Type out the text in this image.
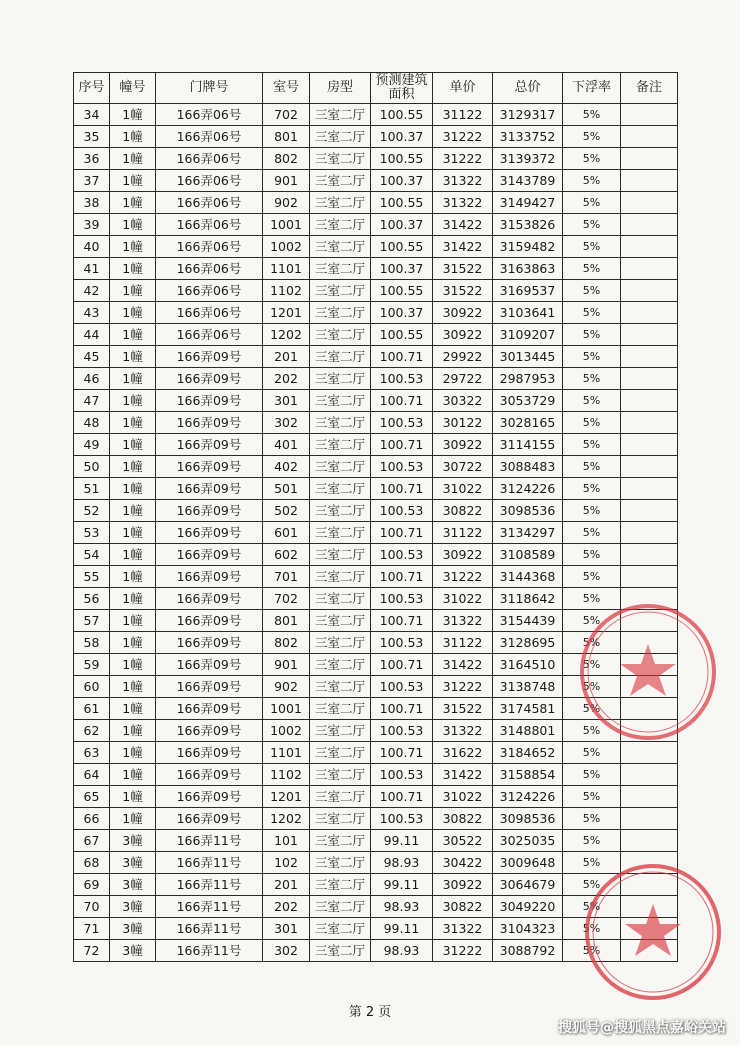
序号	幢号	门牌号	室号	房型	预测建筑面积	单价	总价	下浮率	备注
34	1幢	166弄06号	702	三室二厅	100.55	31122	3129317	5%	
35	1幢	166弄06号	801	三室二厅	100.37	31222	3133752	5%	
36	1幢	166弄06号	802	三室二厅	100.55	31222	3139372	5%	
37	1幢	166弄06号	901	三室二厅	100.37	31322	3143789	5%	
38	1幢	166弄06号	902	三室二厅	100.55	31322	3149427	5%	
39	1幢	166弄06号	1001	三室二厅	100.37	31422	3153826	5%	
40	1幢	166弄06号	1002	三室二厅	100.55	31422	3159482	5%	
41	1幢	166弄06号	1101	三室二厅	100.37	31522	3163863	5%	
42	1幢	166弄06号	1102	三室二厅	100.55	31522	3169537	5%	
43	1幢	166弄06号	1201	三室二厅	100.37	30922	3103641	5%	
44	1幢	166弄06号	1202	三室二厅	100.55	30922	3109207	5%	
45	1幢	166弄09号	201	三室二厅	100.71	29922	3013445	5%	
46	1幢	166弄09号	202	三室二厅	100.53	29722	2987953	5%	
47	1幢	166弄09号	301	三室二厅	100.71	30322	3053729	5%	
48	1幢	166弄09号	302	三室二厅	100.53	30122	3028165	5%	
49	1幢	166弄09号	401	三室二厅	100.71	30922	3114155	5%	
50	1幢	166弄09号	402	三室二厅	100.53	30722	3088483	5%	
51	1幢	166弄09号	501	三室二厅	100.71	31022	3124226	5%	
52	1幢	166弄09号	502	三室二厅	100.53	30822	3098536	5%	
53	1幢	166弄09号	601	三室二厅	100.71	31122	3134297	5%	
54	1幢	166弄09号	602	三室二厅	100.53	30922	3108589	5%	
55	1幢	166弄09号	701	三室二厅	100.71	31222	3144368	5%	
56	1幢	166弄09号	702	三室二厅	100.53	31022	3118642	5%	
57	1幢	166弄09号	801	三室二厅	100.71	31322	3154439	5%	
58	1幢	166弄09号	802	三室二厅	100.53	31122	3128695	5%	
59	1幢	166弄09号	901	三室二厅	100.71	31422	3164510	5%	
60	1幢	166弄09号	902	三室二厅	100.53	31222	3138748	5%	
61	1幢	166弄09号	1001	三室二厅	100.71	31522	3174581	5%	
62	1幢	166弄09号	1002	三室二厅	100.53	31322	3148801	5%	
63	1幢	166弄09号	1101	三室二厅	100.71	31622	3184652	5%	
64	1幢	166弄09号	1102	三室二厅	100.53	31422	3158854	5%	
65	1幢	166弄09号	1201	三室二厅	100.71	31022	3124226	5%	
66	1幢	166弄09号	1202	三室二厅	100.53	30822	3098536	5%	
67	3幢	166弄11号	101	三室二厅	99.11	30522	3025035	5%	
68	3幢	166弄11号	102	三室二厅	98.93	30422	3009648	5%	
69	3幢	166弄11号	201	三室二厅	99.11	30922	3064679	5%	
70	3幢	166弄11号	202	三室二厅	98.93	30822	3049220	5%	
71	3幢	166弄11号	301	三室二厅	99.11	31322	3104323	5%	
72	3幢	166弄11号	302	三室二厅	98.93	31222	3088792	5%	
第 2 页
搜狐号@搜狐黑点嘉峪关站
